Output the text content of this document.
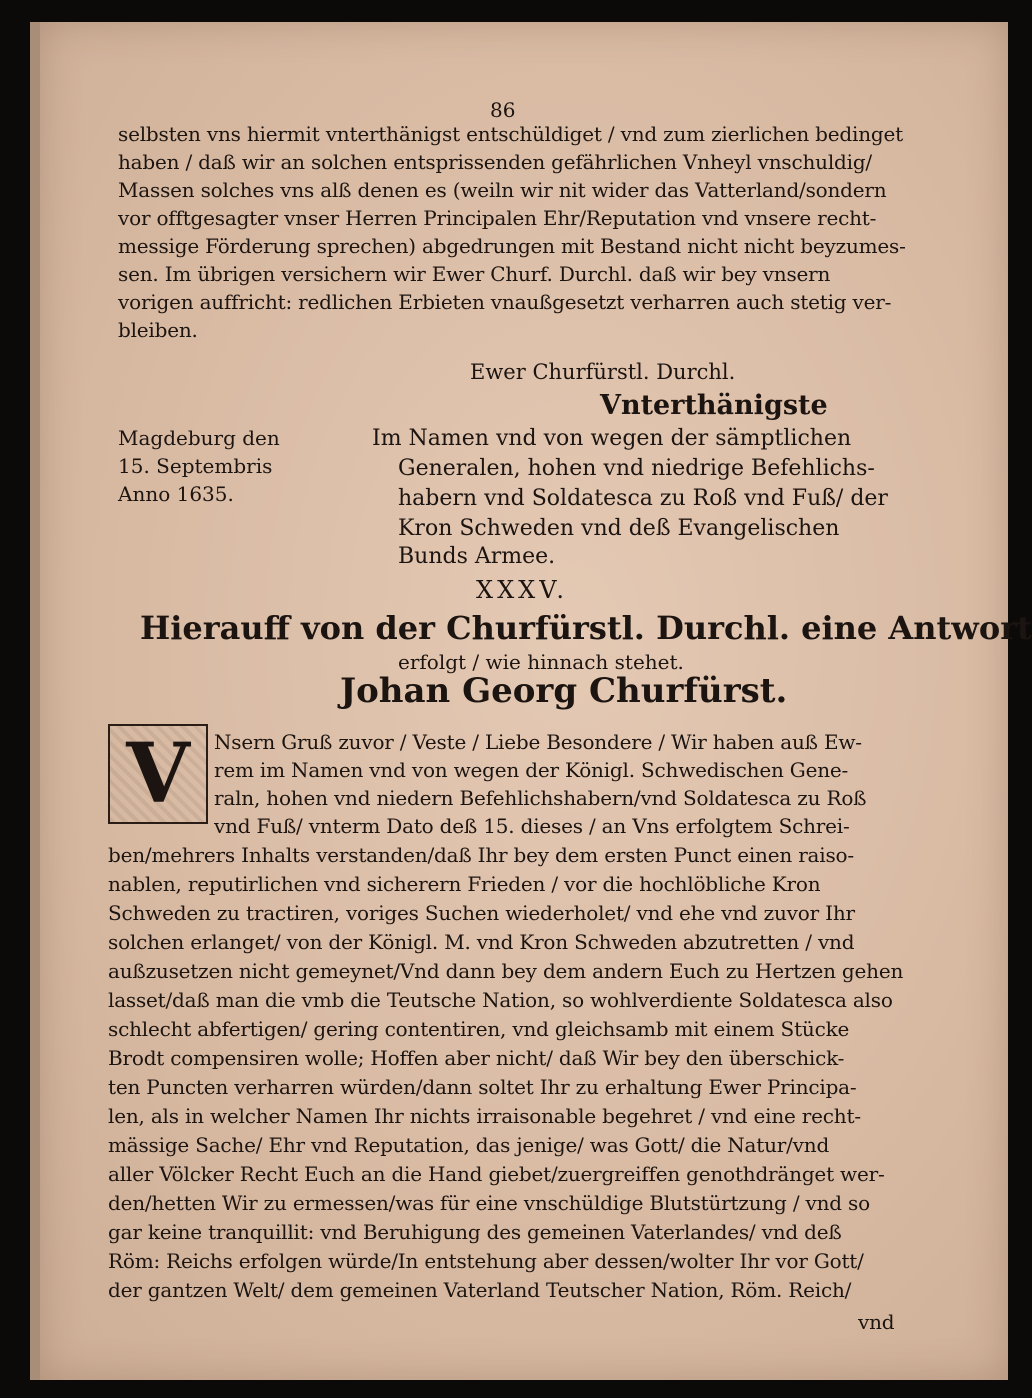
86

selbsten vns hiermit vnterthänigst entschüldiget / vnd zum zierlichen bedinget

haben / daß wir an solchen entsprissenden gefährlichen Vnheyl vnschuldig/

Massen solches vns alß denen es (weiln wir nit wider das Vatterland/sondern

vor offtgesagter vnser Herren Principalen Ehr/Reputation vnd vnsere recht-

messige Förderung sprechen) abgedrungen mit Bestand nicht nicht beyzumes-

sen. Im übrigen versichern wir Ewer Churf. Durchl. daß wir bey vnsern

vorigen auffricht: redlichen Erbieten vnaußgesetzt verharren auch stetig ver-

bleiben.

Ewer Churfürstl. Durchl.

Vnterthänigste

Im Namen vnd von wegen der sämptlichen

Generalen, hohen vnd niedrige Befehlichs-

habern vnd Soldatesca zu Roß vnd Fuß/ der

Kron Schweden vnd deß Evangelischen

Bunds Armee.

Magdeburg den

15. Septembris

Anno 1635.

XXXV.

Hierauff von der Churfürstl. Durchl. eine Antwort

erfolgt / wie hinnach stehet.

Johan Georg Churfürst.

V Nsern Gruß zuvor / Veste / Liebe Besondere / Wir haben auß Ew-

rem im Namen vnd von wegen der Königl. Schwedischen Gene-

raln, hohen vnd niedern Befehlichshabern/vnd Soldatesca zu Roß

vnd Fuß/ vnterm Dato deß 15. dieses / an Vns erfolgtem Schrei-

ben/mehrers Inhalts verstanden/daß Ihr bey dem ersten Punct einen raiso-

nablen, reputirlichen vnd sicherern Frieden / vor die hochlöbliche Kron

Schweden zu tractiren, voriges Suchen wiederholet/ vnd ehe vnd zuvor Ihr

solchen erlanget/ von der Königl. M. vnd Kron Schweden abzutretten / vnd

außzusetzen nicht gemeynet/Vnd dann bey dem andern Euch zu Hertzen gehen

lasset/daß man die vmb die Teutsche Nation, so wohlverdiente Soldatesca also

schlecht abfertigen/ gering contentiren, vnd gleichsamb mit einem Stücke

Brodt compensiren wolle; Hoffen aber nicht/ daß Wir bey den überschick-

ten Puncten verharren würden/dann soltet Ihr zu erhaltung Ewer Principa-

len, als in welcher Namen Ihr nichts irraisonable begehret / vnd eine recht-

mässige Sache/ Ehr vnd Reputation, das jenige/ was Gott/ die Natur/vnd

aller Völcker Recht Euch an die Hand giebet/zuergreiffen genothdränget wer-

den/hetten Wir zu ermessen/was für eine vnschüldige Blutstürtzung / vnd so

gar keine tranquillit: vnd Beruhigung des gemeinen Vaterlandes/ vnd deß

Röm: Reichs erfolgen würde/In entstehung aber dessen/wolter Ihr vor Gott/

der gantzen Welt/ dem gemeinen Vaterland Teutscher Nation, Röm. Reich/

vnd
